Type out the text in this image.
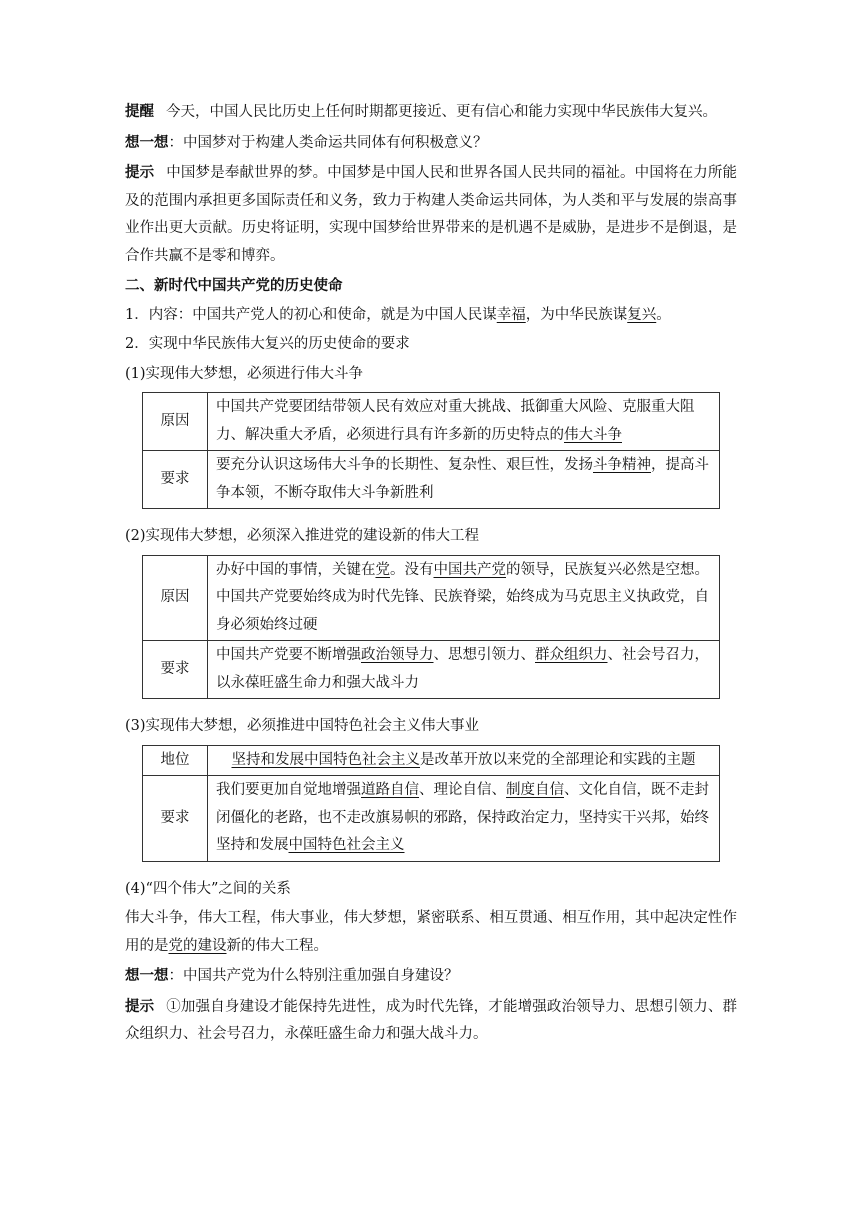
提醒 今天，中国人民比历史上任何时期都更接近、更有信心和能力实现中华民族伟大复兴。

想一想：中国梦对于构建人类命运共同体有何积极意义？

提示 中国梦是奉献世界的梦。中国梦是中国人民和世界各国人民共同的福祉。中国将在力所能及的范围内承担更多国际责任和义务，致力于构建人类命运共同体，为人类和平与发展的崇高事业作出更大贡献。历史将证明，实现中国梦给世界带来的是机遇不是威胁，是进步不是倒退，是合作共赢不是零和博弈。

二、新时代中国共产党的历史使命

1．内容：中国共产党人的初心和使命，就是为中国人民谋幸福，为中华民族谋复兴。

2．实现中华民族伟大复兴的历史使命的要求

(1)实现伟大梦想，必须进行伟大斗争

原因	中国共产党要团结带领人民有效应对重大挑战、抵御重大风险、克服重大阻力、解决重大矛盾，必须进行具有许多新的历史特点的伟大斗争
要求	要充分认识这场伟大斗争的长期性、复杂性、艰巨性，发扬斗争精神，提高斗争本领，不断夺取伟大斗争新胜利

(2)实现伟大梦想，必须深入推进党的建设新的伟大工程

原因	办好中国的事情，关键在党。没有中国共产党的领导，民族复兴必然是空想。中国共产党要始终成为时代先锋、民族脊梁，始终成为马克思主义执政党，自身必须始终过硬
要求	中国共产党要不断增强政治领导力、思想引领力、群众组织力、社会号召力，以永葆旺盛生命力和强大战斗力

(3)实现伟大梦想，必须推进中国特色社会主义伟大事业

地位	坚持和发展中国特色社会主义是改革开放以来党的全部理论和实践的主题
要求	我们要更加自觉地增强道路自信、理论自信、制度自信、文化自信，既不走封闭僵化的老路，也不走改旗易帜的邪路，保持政治定力，坚持实干兴邦，始终坚持和发展中国特色社会主义

(4)“四个伟大”之间的关系

伟大斗争，伟大工程，伟大事业，伟大梦想，紧密联系、相互贯通、相互作用，其中起决定性作用的是党的建设新的伟大工程。

想一想：中国共产党为什么特别注重加强自身建设？

提示 ①加强自身建设才能保持先进性，成为时代先锋，才能增强政治领导力、思想引领力、群众组织力、社会号召力，永葆旺盛生命力和强大战斗力。
